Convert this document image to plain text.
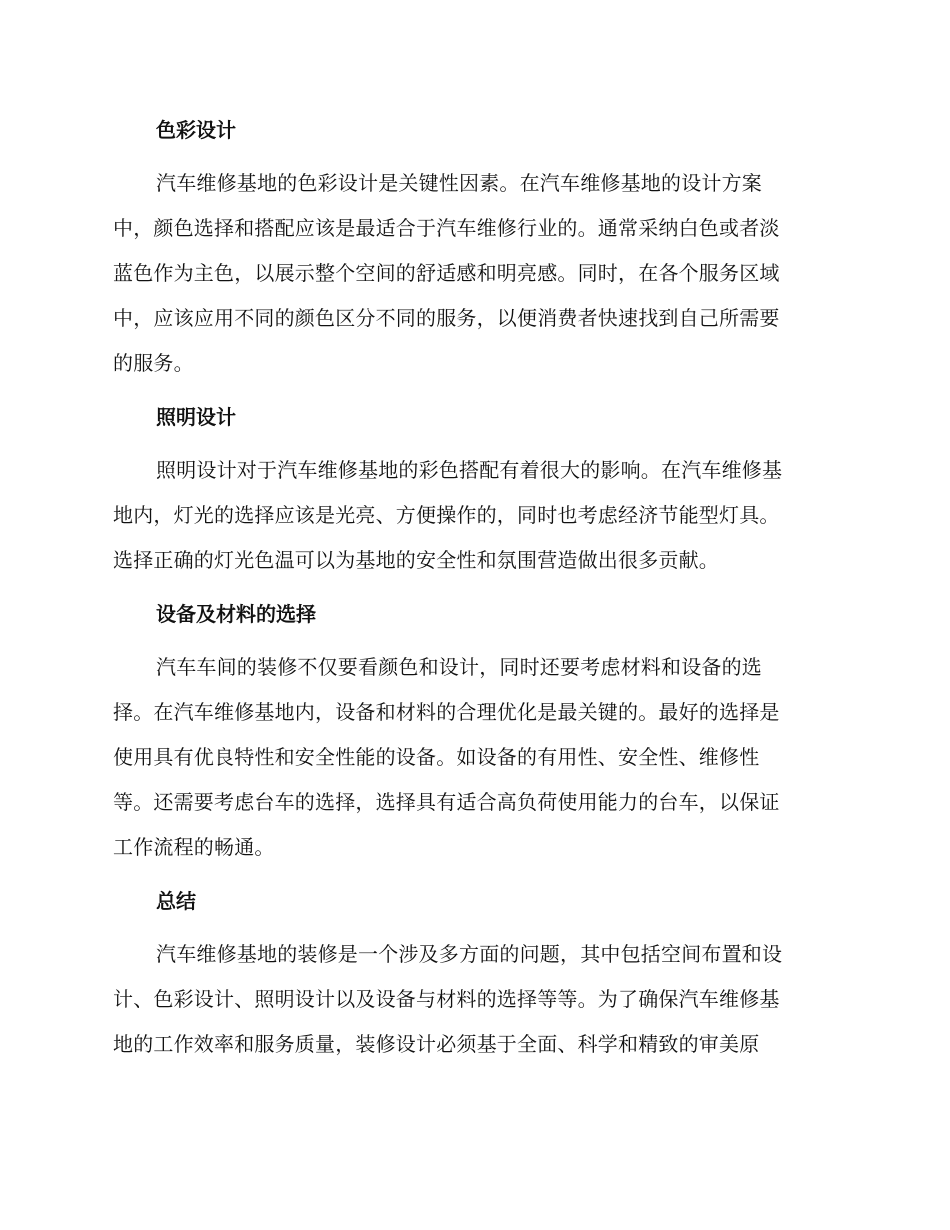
色彩设计
汽车维修基地的色彩设计是关键性因素。在汽车维修基地的设计方案
中，颜色选择和搭配应该是最适合于汽车维修行业的。通常采纳白色或者淡
蓝色作为主色，以展示整个空间的舒适感和明亮感。同时，在各个服务区域
中，应该应用不同的颜色区分不同的服务，以便消费者快速找到自己所需要
的服务。
照明设计
照明设计对于汽车维修基地的彩色搭配有着很大的影响。在汽车维修基
地内，灯光的选择应该是光亮、方便操作的，同时也考虑经济节能型灯具。
选择正确的灯光色温可以为基地的安全性和氛围营造做出很多贡献。
设备及材料的选择
汽车车间的装修不仅要看颜色和设计，同时还要考虑材料和设备的选
择。在汽车维修基地内，设备和材料的合理优化是最关键的。最好的选择是
使用具有优良特性和安全性能的设备。如设备的有用性、安全性、维修性
等。还需要考虑台车的选择，选择具有适合高负荷使用能力的台车，以保证
工作流程的畅通。
总结
汽车维修基地的装修是一个涉及多方面的问题，其中包括空间布置和设
计、色彩设计、照明设计以及设备与材料的选择等等。为了确保汽车维修基
地的工作效率和服务质量，装修设计必须基于全面、科学和精致的审美原
